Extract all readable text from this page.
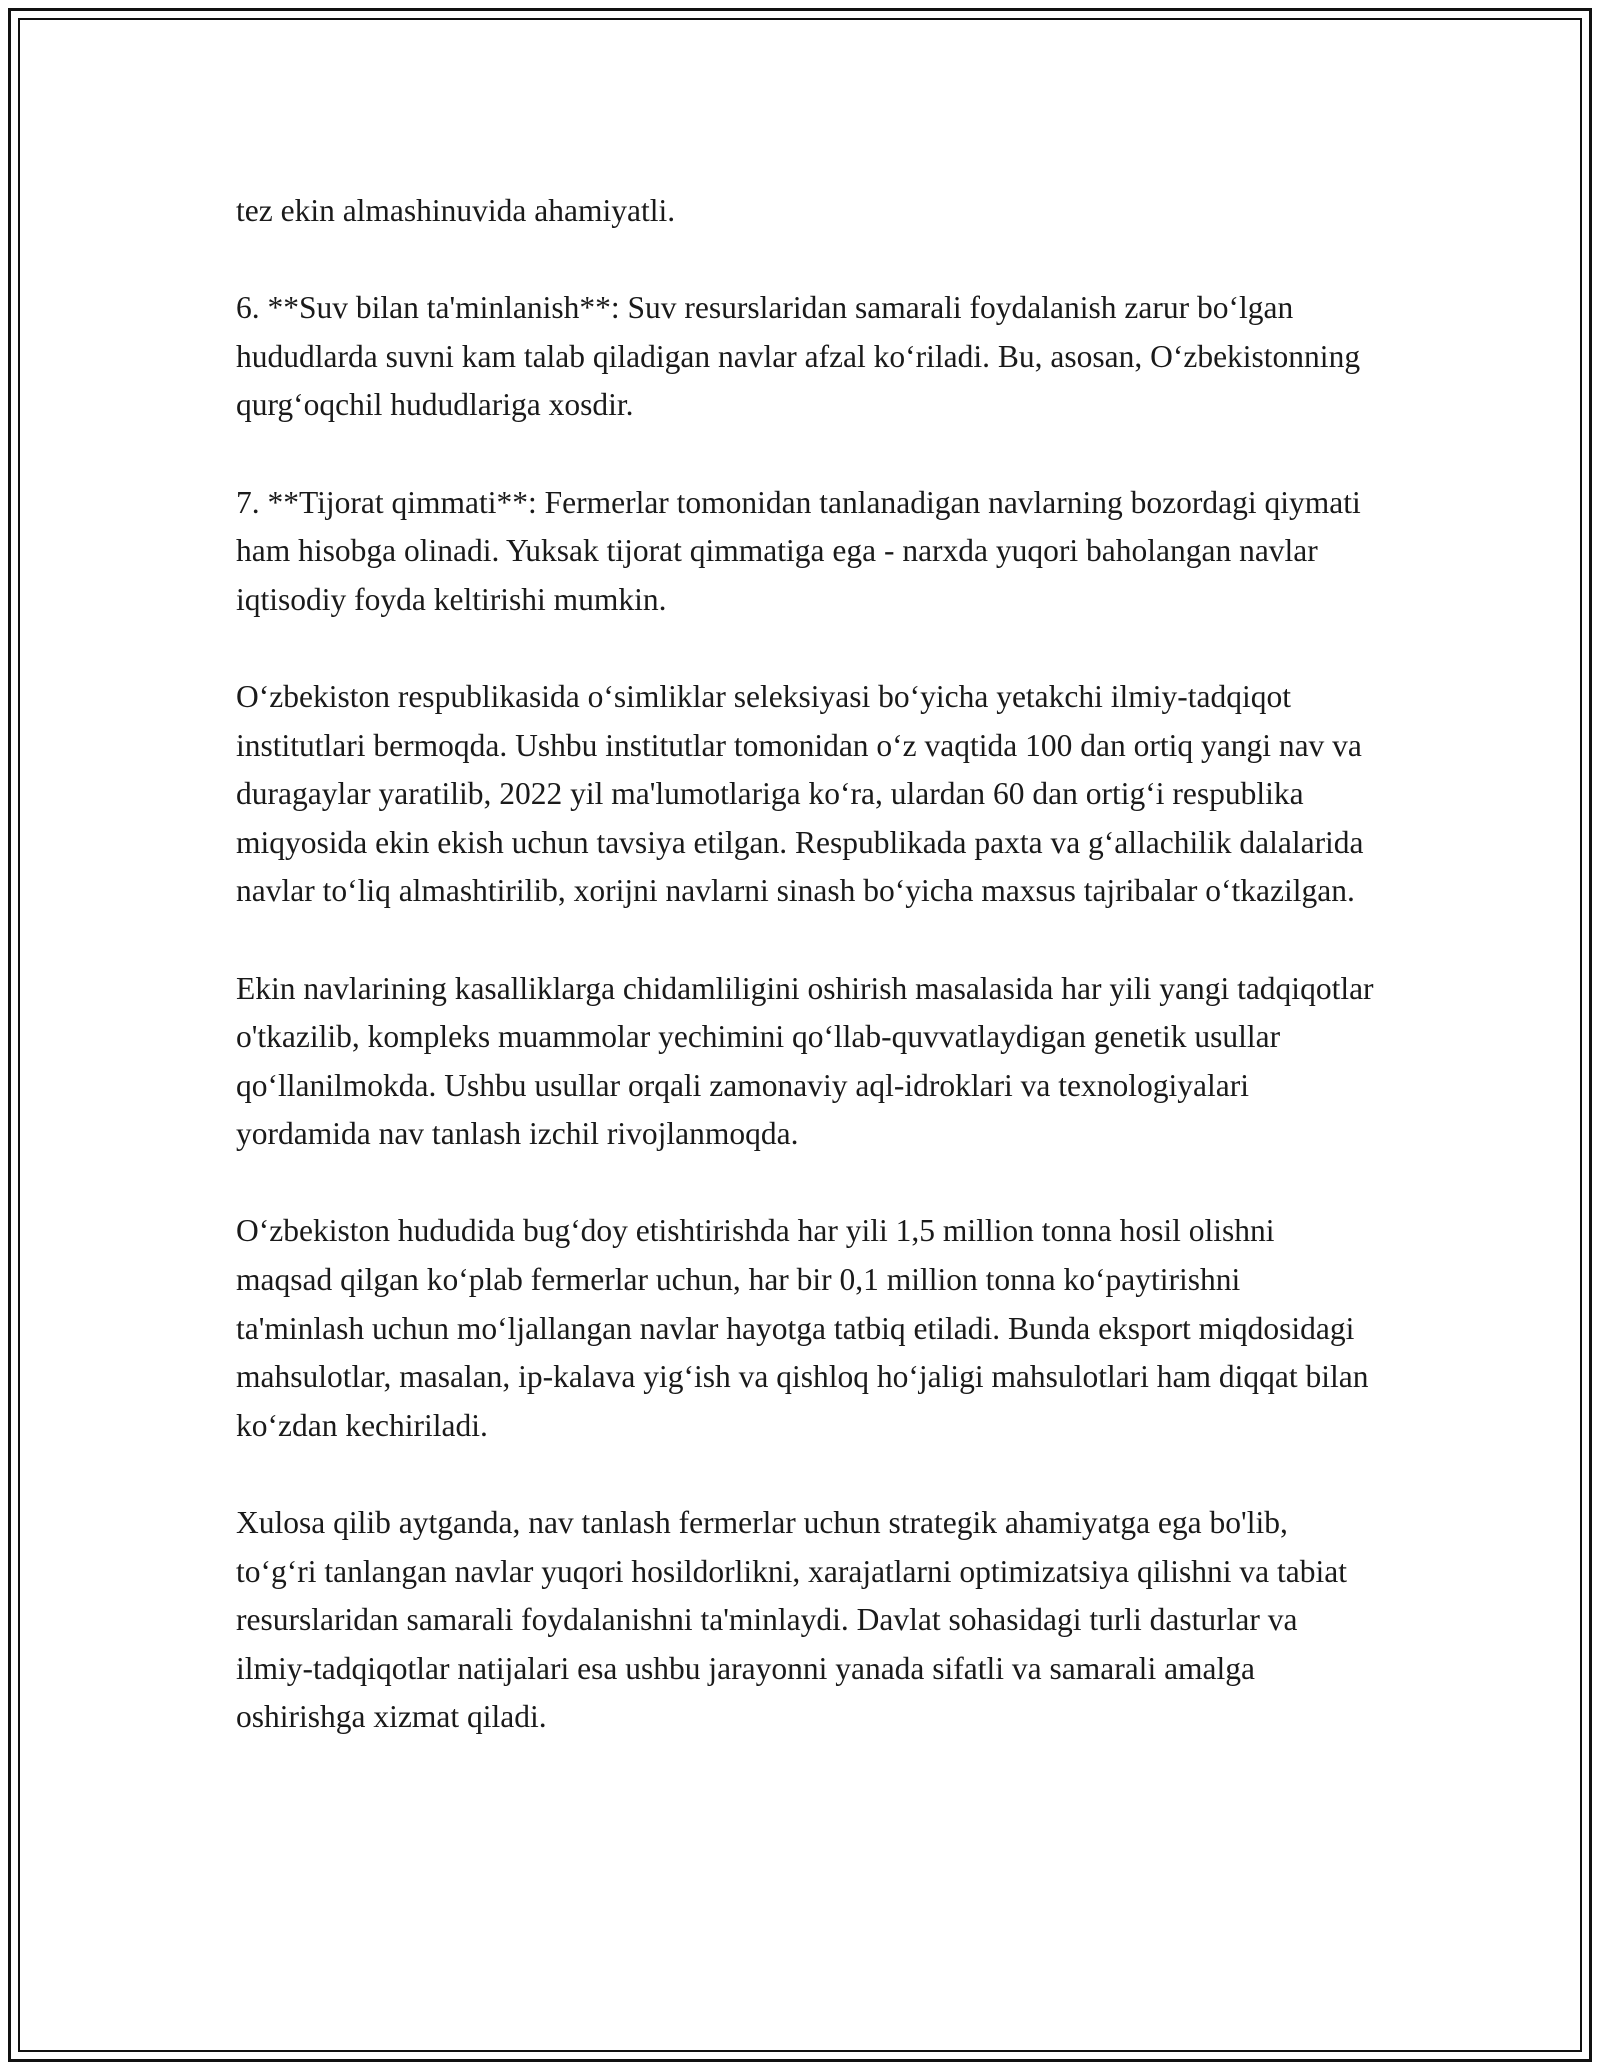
tez ekin almashinuvida ahamiyatli.

6. **Suv bilan ta'minlanish**: Suv resurslaridan samarali foydalanish zarur bo‘lgan hududlarda suvni kam talab qiladigan navlar afzal ko‘riladi. Bu, asosan, O‘zbekistonning qurg‘oqchil hududlariga xosdir.

7. **Tijorat qimmati**: Fermerlar tomonidan tanlanadigan navlarning bozordagi qiymati ham hisobga olinadi. Yuksak tijorat qimmatiga ega - narxda yuqori baholangan navlar iqtisodiy foyda keltirishi mumkin.

O‘zbekiston respublikasida o‘simliklar seleksiyasi bo‘yicha yetakchi ilmiy-tadqiqot institutlari bermoqda. Ushbu institutlar tomonidan o‘z vaqtida 100 dan ortiq yangi nav va duragaylar yaratilib, 2022 yil ma'lumotlariga ko‘ra, ulardan 60 dan ortig‘i respublika miqyosida ekin ekish uchun tavsiya etilgan. Respublikada paxta va g‘allachilik dalalarida navlar to‘liq almashtirilib, xorijni navlarni sinash bo‘yicha maxsus tajribalar o‘tkazilgan.

Ekin navlarining kasalliklarga chidamliligini oshirish masalasida har yili yangi tadqiqotlar o'tkazilib, kompleks muammolar yechimini qo‘llab-quvvatlaydigan genetik usullar qo‘llanilmokda. Ushbu usullar orqali zamonaviy aql-idroklari va texnologiyalari yordamida nav tanlash izchil rivojlanmoqda.

O‘zbekiston hududida bug‘doy etishtirishda har yili 1,5 million tonna hosil olishni maqsad qilgan ko‘plab fermerlar uchun, har bir 0,1 million tonna ko‘paytirishni ta'minlash uchun mo‘ljallangan navlar hayotga tatbiq etiladi. Bunda eksport miqdosidagi mahsulotlar, masalan, ip-kalava yig‘ish va qishloq ho‘jaligi mahsulotlari ham diqqat bilan ko‘zdan kechiriladi.

Xulosa qilib aytganda, nav tanlash fermerlar uchun strategik ahamiyatga ega bo'lib, to‘g‘ri tanlangan navlar yuqori hosildorlikni, xarajatlarni optimizatsiya qilishni va tabiat resurslaridan samarali foydalanishni ta'minlaydi. Davlat sohasidagi turli dasturlar va ilmiy-tadqiqotlar natijalari esa ushbu jarayonni yanada sifatli va samarali amalga oshirishga xizmat qiladi.
